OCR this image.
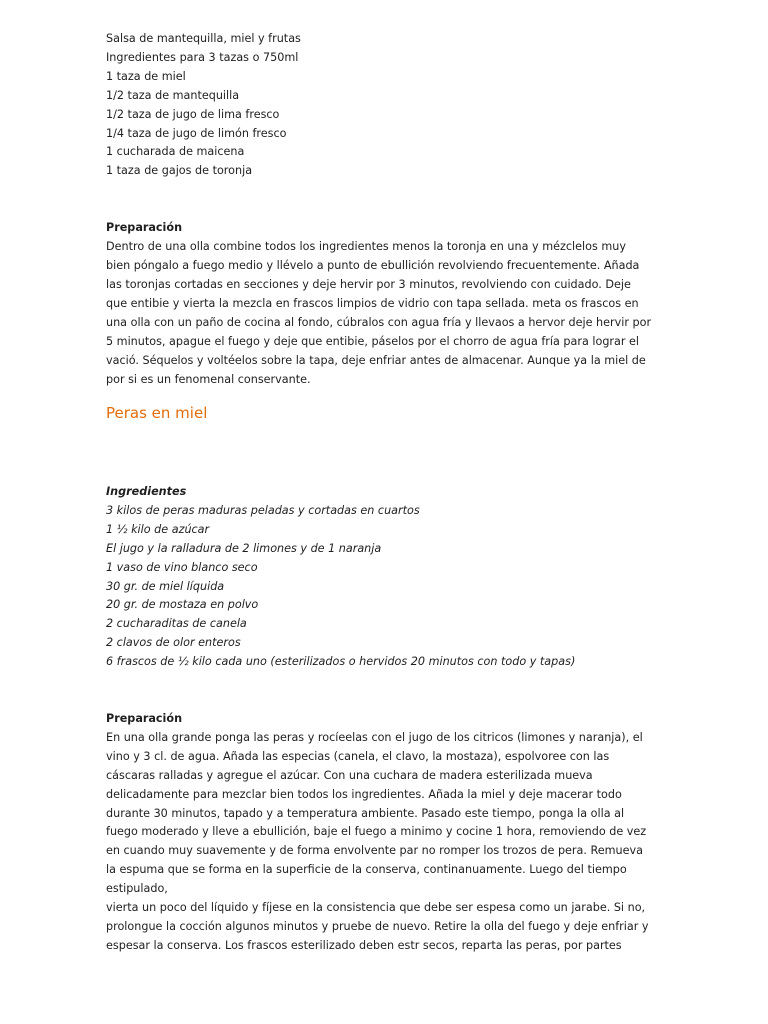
Salsa de mantequilla, miel y frutas
Ingredientes para 3 tazas o 750ml
1 taza de miel
1/2 taza de mantequilla
1/2 taza de jugo de lima fresco
1/4 taza de jugo de limón fresco
1 cucharada de maicena
1 taza de gajos de toronja
Preparación
Dentro de una olla combine todos los ingredientes menos la toronja en una y mézclelos muy
bien póngalo a fuego medio y llévelo a punto de ebullición revolviendo frecuentemente. Añada
las toronjas cortadas en secciones y deje hervir por 3 minutos, revolviendo con cuidado. Deje
que entibie y vierta la mezcla en frascos limpios de vidrio con tapa sellada. meta os frascos en
una olla con un paño de cocina al fondo, cúbralos con agua fría y llevaos a hervor deje hervir por
5 minutos, apague el fuego y deje que entibie, páselos por el chorro de agua fría para lograr el
vació. Séquelos y voltéelos sobre la tapa, deje enfriar antes de almacenar. Aunque ya la miel de
por si es un fenomenal conservante.
Peras en miel
Ingredientes
3 kilos de peras maduras peladas y cortadas en cuartos
1 ½ kilo de azúcar
El jugo y la ralladura de 2 limones y de 1 naranja
1 vaso de vino blanco seco
30 gr. de miel líquida
20 gr. de mostaza en polvo
2 cucharaditas de canela
2 clavos de olor enteros
6 frascos de ½ kilo cada uno (esterilizados o hervidos 20 minutos con todo y tapas)
Preparación
En una olla grande ponga las peras y rocíeelas con el jugo de los citricos (limones y naranja), el
vino y 3 cl. de agua. Añada las especias (canela, el clavo, la mostaza), espolvoree con las
cáscaras ralladas y agregue el azúcar. Con una cuchara de madera esterilizada mueva
delicadamente para mezclar bien todos los ingredientes. Añada la miel y deje macerar todo
durante 30 minutos, tapado y a temperatura ambiente. Pasado este tiempo, ponga la olla al
fuego moderado y lleve a ebullición, baje el fuego a minimo y cocine 1 hora, removiendo de vez
en cuando muy suavemente y de forma envolvente par no romper los trozos de pera. Remueva
la espuma que se forma en la superficie de la conserva, continanuamente. Luego del tiempo
estipulado,
vierta un poco del líquido y fíjese en la consistencia que debe ser espesa como un jarabe. Si no,
prolongue la cocción algunos minutos y pruebe de nuevo. Retire la olla del fuego y deje enfriar y
espesar la conserva. Los frascos esterilizado deben estr secos, reparta las peras, por partes
